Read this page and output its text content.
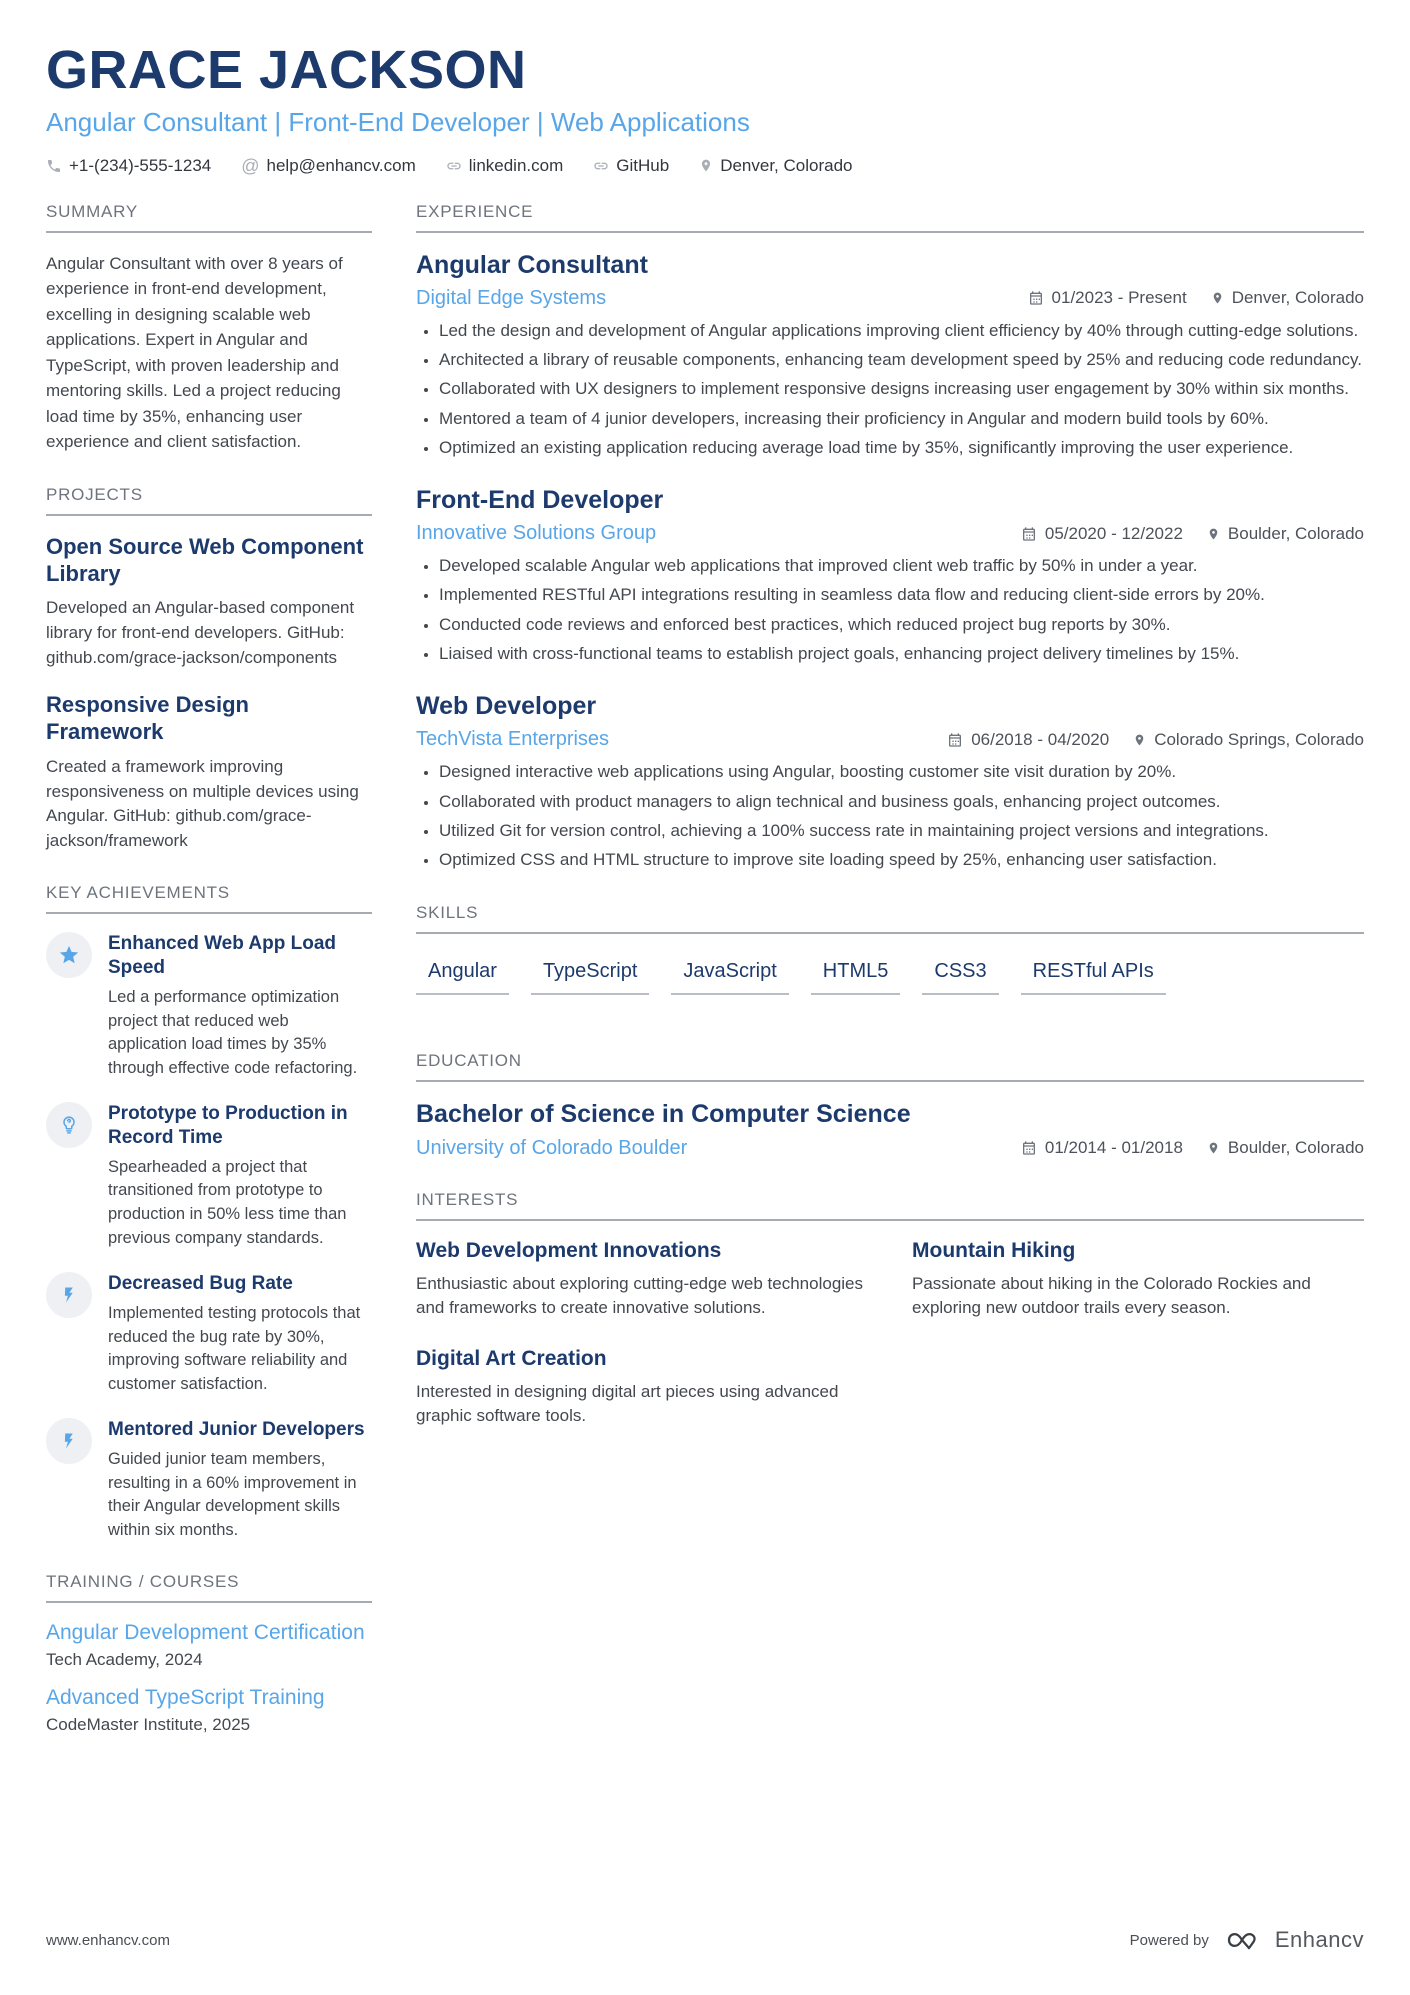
GRACE JACKSON
Angular Consultant | Front-End Developer | Web Applications
+1-(234)-555-1234 @ help@enhancv.com	linkedin.com	GitHub	Denver, Colorado
SUMMARY
Angular Consultant with over 8 years of experience in front-end development, excelling in designing scalable web applications. Expert in Angular and TypeScript, with proven leadership and mentoring skills. Led a project reducing load time by 35%, enhancing user experience and client satisfaction.
PROJECTS
Open Source Web Component Library
Developed an Angular-based component library for front-end developers. GitHub: github.com/grace-jackson/components
Responsive Design Framework
Created a framework improving responsiveness on multiple devices using Angular. GitHub: github.com/grace-jackson/framework
KEY ACHIEVEMENTS
Enhanced Web App Load Speed
Led a performance optimization project that reduced web application load times by 35% through effective code refactoring.
Prototype to Production in Record Time
Spearheaded a project that transitioned from prototype to production in 50% less time than previous company standards.
Decreased Bug Rate
Implemented testing protocols that reduced the bug rate by 30%, improving software reliability and customer satisfaction.
Mentored Junior Developers
Guided junior team members, resulting in a 60% improvement in their Angular development skills within six months.
TRAINING / COURSES
Angular Development Certification
Tech Academy, 2024
Advanced TypeScript Training
CodeMaster Institute, 2025
EXPERIENCE
Angular Consultant
Digital Edge Systems	01/2023 - Present	Denver, Colorado
• Led the design and development of Angular applications improving client efficiency by 40% through cutting-edge solutions.
• Architected a library of reusable components, enhancing team development speed by 25% and reducing code redundancy.
• Collaborated with UX designers to implement responsive designs increasing user engagement by 30% within six months.
• Mentored a team of 4 junior developers, increasing their proficiency in Angular and modern build tools by 60%.
• Optimized an existing application reducing average load time by 35%, significantly improving the user experience.
Front-End Developer
Innovative Solutions Group	05/2020 - 12/2022	Boulder, Colorado
• Developed scalable Angular web applications that improved client web traffic by 50% in under a year.
• Implemented RESTful API integrations resulting in seamless data flow and reducing client-side errors by 20%.
• Conducted code reviews and enforced best practices, which reduced project bug reports by 30%.
• Liaised with cross-functional teams to establish project goals, enhancing project delivery timelines by 15%.
Web Developer
TechVista Enterprises	06/2018 - 04/2020	Colorado Springs, Colorado
• Designed interactive web applications using Angular, boosting customer site visit duration by 20%.
• Collaborated with product managers to align technical and business goals, enhancing project outcomes.
• Utilized Git for version control, achieving a 100% success rate in maintaining project versions and integrations.
• Optimized CSS and HTML structure to improve site loading speed by 25%, enhancing user satisfaction.
SKILLS
Angular	TypeScript	JavaScript	HTML5	CSS3	RESTful APIs
EDUCATION
Bachelor of Science in Computer Science
University of Colorado Boulder	01/2014 - 01/2018	Boulder, Colorado
INTERESTS
Web Development Innovations
Enthusiastic about exploring cutting-edge web technologies and frameworks to create innovative solutions.
Mountain Hiking
Passionate about hiking in the Colorado Rockies and exploring new outdoor trails every season.
Digital Art Creation
Interested in designing digital art pieces using advanced graphic software tools.
www.enhancv.com	Powered by	Enhancv
